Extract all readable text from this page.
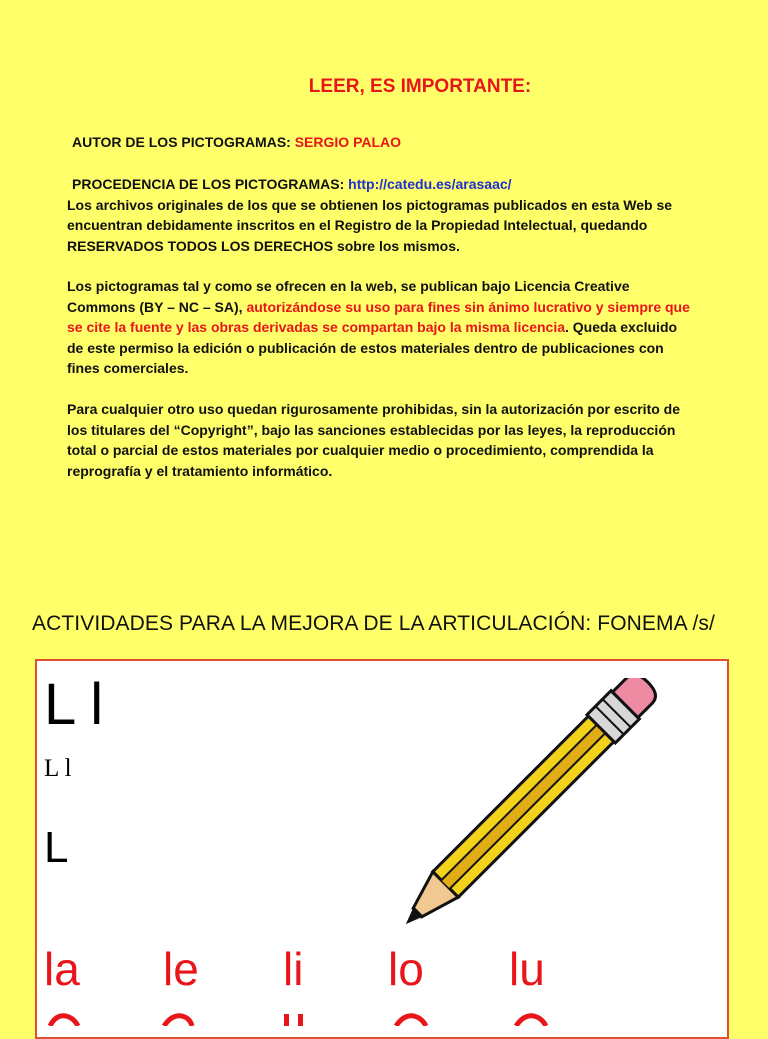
LEER, ES IMPORTANTE:
AUTOR DE LOS PICTOGRAMAS: SERGIO PALAO
PROCEDENCIA DE LOS PICTOGRAMAS: http://catedu.es/arasaac/
Los archivos originales de los que se obtienen los pictogramas publicados en esta Web se
encuentran debidamente inscritos en el Registro de la Propiedad Intelectual, quedando
RESERVADOS TODOS LOS DERECHOS sobre los mismos.
Los pictogramas tal y como se ofrecen en la web, se publican bajo Licencia Creative
Commons (BY – NC – SA), autorizándose su uso para fines sin ánimo lucrativo y siempre que
se cite la fuente y las obras derivadas se compartan bajo la misma licencia. Queda excluido
de este permiso la edición o publicación de estos materiales dentro de publicaciones con
fines comerciales.
Para cualquier otro uso quedan rigurosamente prohibidas, sin la autorización por escrito de
los titulares del “Copyright”, bajo las sanciones establecidas por las leyes, la reproducción
total o parcial de estos materiales por cualquier medio o procedimiento, comprendida la
reprografía y el tratamiento informático.
ACTIVIDADES PARA LA MEJORA DE LA ARTICULACIÓN: FONEMA /s/
L l
L l
L
la le li lo lu
